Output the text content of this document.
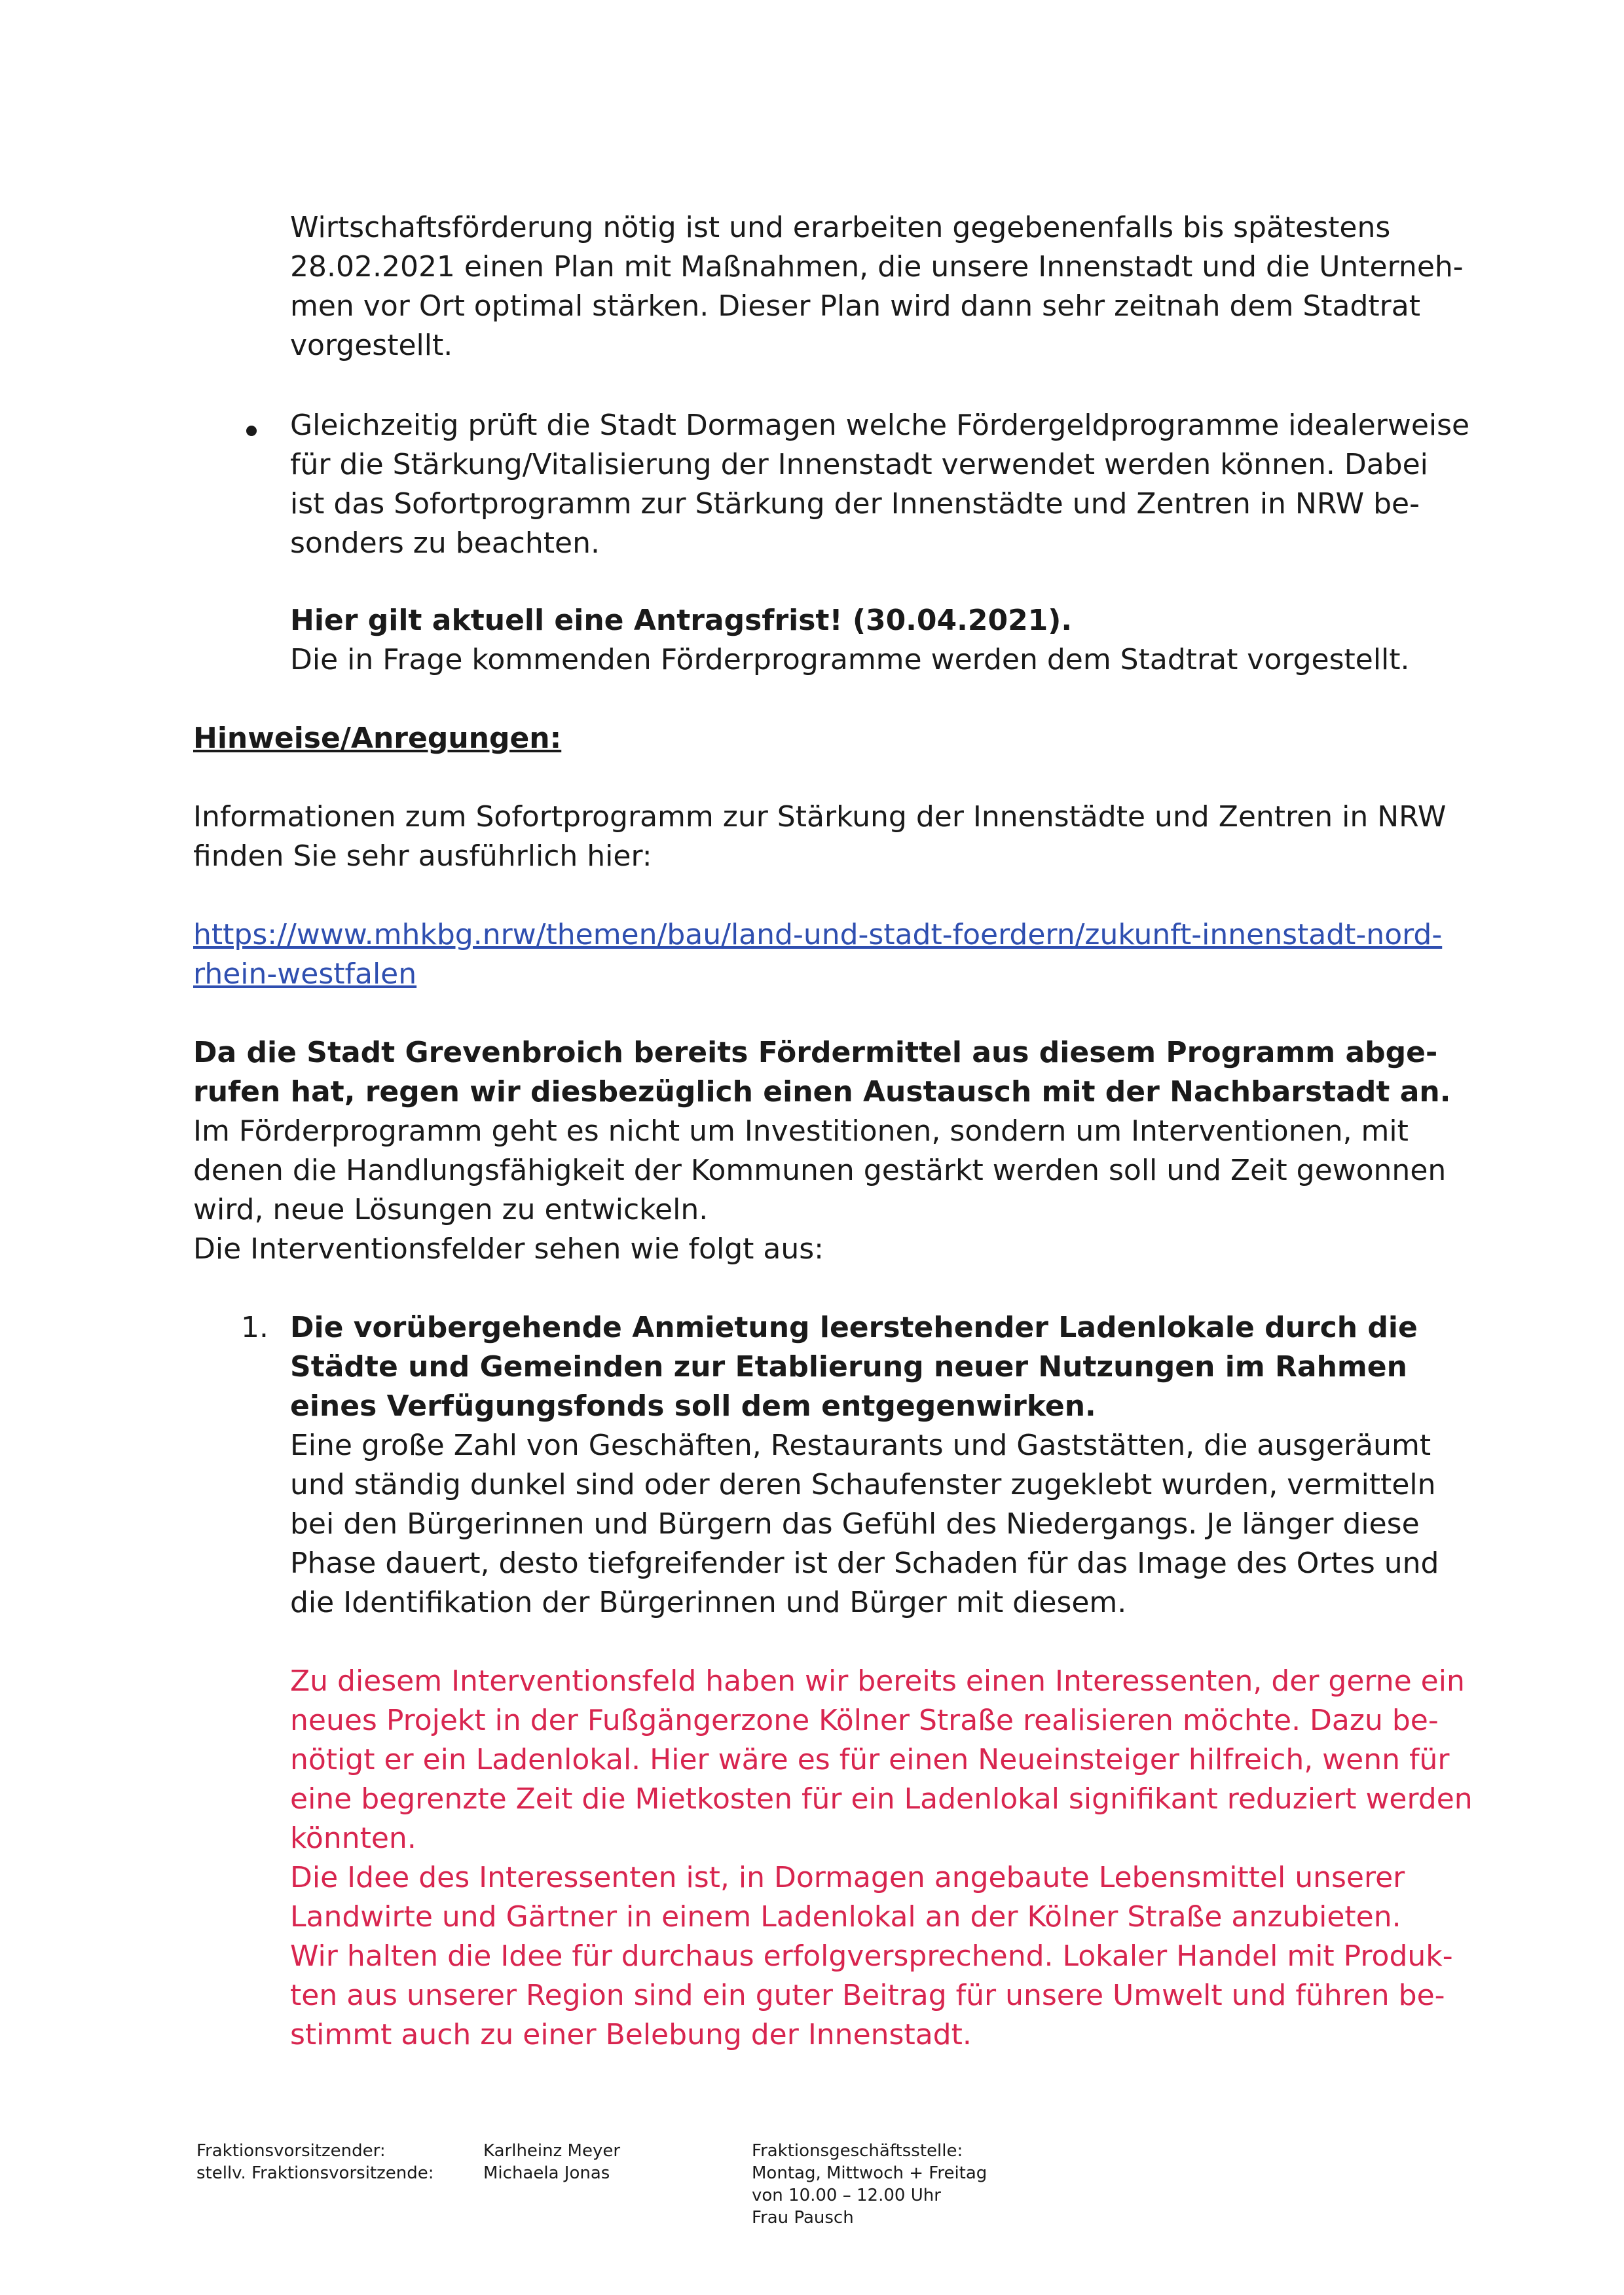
Wirtschaftsförderung nötig ist und erarbeiten gegebenenfalls bis spätestens
28.02.2021 einen Plan mit Maßnahmen, die unsere Innenstadt und die Unterneh-
men vor Ort optimal stärken. Dieser Plan wird dann sehr zeitnah dem Stadtrat
vorgestellt.
Gleichzeitig prüft die Stadt Dormagen welche Fördergeldprogramme idealerweise
für die Stärkung/Vitalisierung der Innenstadt verwendet werden können. Dabei
ist das Sofortprogramm zur Stärkung der Innenstädte und Zentren in NRW be-
sonders zu beachten.
Hier gilt aktuell eine Antragsfrist! (30.04.2021).
Die in Frage kommenden Förderprogramme werden dem Stadtrat vorgestellt.
Hinweise/Anregungen:
Informationen zum Sofortprogramm zur Stärkung der Innenstädte und Zentren in NRW
finden Sie sehr ausführlich hier:
https://www.mhkbg.nrw/themen/bau/land-und-stadt-foerdern/zukunft-innenstadt-nord-
rhein-westfalen
Da die Stadt Grevenbroich bereits Fördermittel aus diesem Programm abge-
rufen hat, regen wir diesbezüglich einen Austausch mit der Nachbarstadt an.
Im Förderprogramm geht es nicht um Investitionen, sondern um Interventionen, mit
denen die Handlungsfähigkeit der Kommunen gestärkt werden soll und Zeit gewonnen
wird, neue Lösungen zu entwickeln.
Die Interventionsfelder sehen wie folgt aus:
1. Die vorübergehende Anmietung leerstehender Ladenlokale durch die
Städte und Gemeinden zur Etablierung neuer Nutzungen im Rahmen
eines Verfügungsfonds soll dem entgegenwirken.
Eine große Zahl von Geschäften, Restaurants und Gaststätten, die ausgeräumt
und ständig dunkel sind oder deren Schaufenster zugeklebt wurden, vermitteln
bei den Bürgerinnen und Bürgern das Gefühl des Niedergangs. Je länger diese
Phase dauert, desto tiefgreifender ist der Schaden für das Image des Ortes und
die Identifikation der Bürgerinnen und Bürger mit diesem.
Zu diesem Interventionsfeld haben wir bereits einen Interessenten, der gerne ein
neues Projekt in der Fußgängerzone Kölner Straße realisieren möchte. Dazu be-
nötigt er ein Ladenlokal. Hier wäre es für einen Neueinsteiger hilfreich, wenn für
eine begrenzte Zeit die Mietkosten für ein Ladenlokal signifikant reduziert werden
könnten.
Die Idee des Interessenten ist, in Dormagen angebaute Lebensmittel unserer
Landwirte und Gärtner in einem Ladenlokal an der Kölner Straße anzubieten.
Wir halten die Idee für durchaus erfolgversprechend. Lokaler Handel mit Produk-
ten aus unserer Region sind ein guter Beitrag für unsere Umwelt und führen be-
stimmt auch zu einer Belebung der Innenstadt.
Fraktionsvorsitzender:
stellv. Fraktionsvorsitzende:
Karlheinz Meyer
Michaela Jonas
Fraktionsgeschäftsstelle:
Montag, Mittwoch + Freitag
von 10.00 – 12.00 Uhr
Frau Pausch
